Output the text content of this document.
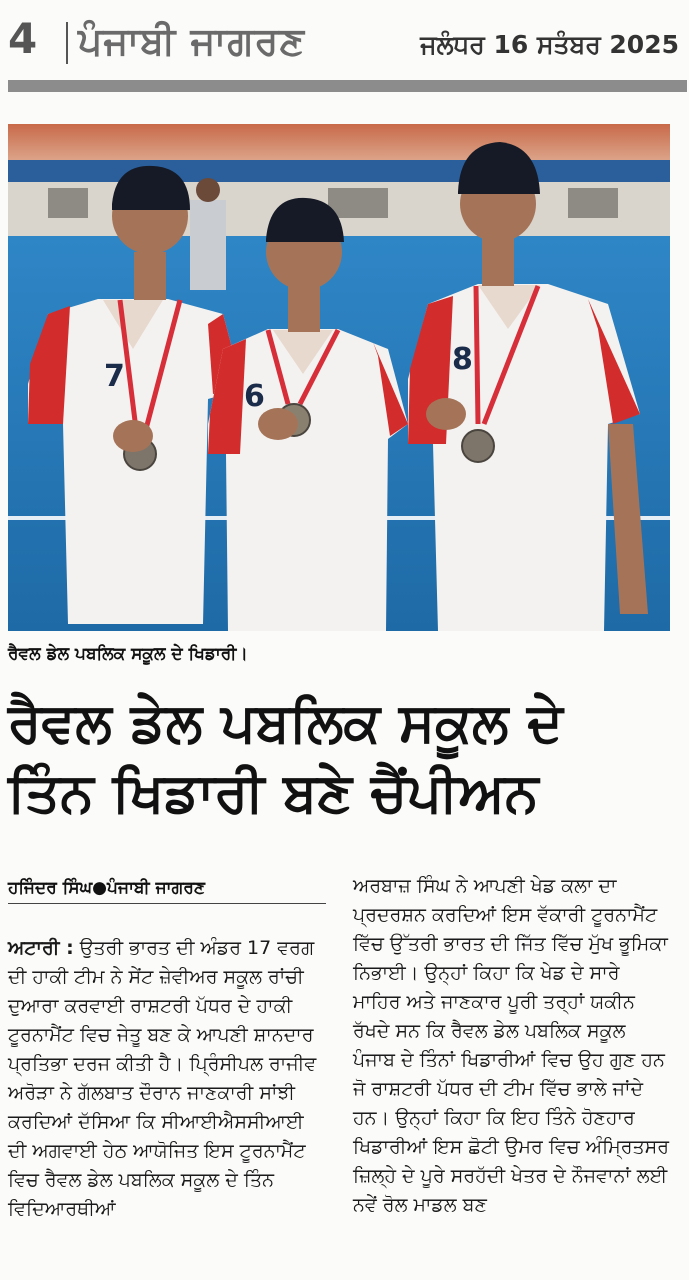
4 ਪੰਜਾਬੀ ਜਾਗਰਣ	ਜਲੰਧਰ 16 ਸਤੰਬਰ 2025
7
6
8
ਰੈਵਲ ਡੇਲ ਪਬਲਿਕ ਸਕੂਲ ਦੇ ਖਿਡਾਰੀ।
ਰੈਵਲ ਡੇਲ ਪਬਲਿਕ ਸਕੂਲ ਦੇ
ਤਿੰਨ ਖਿਡਾਰੀ ਬਣੇ ਚੈਂਪੀਅਨ
ਹਜਿੰਦਰ ਸਿੰਘ●ਪੰਜਾਬੀ ਜਾਗਰਣ

ਅਟਾਰੀ : ਉਤਰੀ ਭਾਰਤ ਦੀ ਅੰਡਰ 17 ਵਰਗ ਦੀ ਹਾਕੀ ਟੀਮ ਨੇ ਸੇਂਟ ਜ਼ੇਵੀਅਰ ਸਕੂਲ ਰਾਂਚੀ ਦੁਆਰਾ ਕਰਵਾਈ ਰਾਸ਼ਟਰੀ ਪੱਧਰ ਦੇ ਹਾਕੀ ਟੂਰਨਾਮੈਂਟ ਵਿਚ ਜੇਤੂ ਬਣ ਕੇ ਆਪਣੀ ਸ਼ਾਨਦਾਰ ਪ੍ਰਤਿਭਾ ਦਰਜ ਕੀਤੀ ਹੈ। ਪ੍ਰਿੰਸੀਪਲ ਰਾਜੀਵ ਅਰੋੜਾ ਨੇ ਗੱਲਬਾਤ ਦੌਰਾਨ ਜਾਣਕਾਰੀ ਸਾਂਝੀ ਕਰਦਿਆਂ ਦੱਸਿਆ ਕਿ ਸੀਆਈਐਸਸੀਆਈ ਦੀ ਅਗਵਾਈ ਹੇਠ ਆਯੋਜਿਤ ਇਸ ਟੂਰਨਾਮੈਂਟ ਵਿਚ ਰੈਵਲ ਡੇਲ ਪਬਲਿਕ ਸਕੂਲ ਦੇ ਤਿੰਨ ਵਿਦਿਆਰਥੀਆਂ

ਅਰਬਾਜ਼ ਸਿੰਘ ਨੇ ਆਪਣੀ ਖੇਡ ਕਲਾ ਦਾ ਪ੍ਰਦਰਸ਼ਨ ਕਰਦਿਆਂ ਇਸ ਵੱਕਾਰੀ ਟੂਰਨਾਮੈਂਟ ਵਿੱਚ ਉੱਤਰੀ ਭਾਰਤ ਦੀ ਜਿੱਤ ਵਿੱਚ ਮੁੱਖ ਭੂਮਿਕਾ ਨਿਭਾਈ। ਉਨ੍ਹਾਂ ਕਿਹਾ ਕਿ ਖੇਡ ਦੇ ਸਾਰੇ ਮਾਹਿਰ ਅਤੇ ਜਾਣਕਾਰ ਪੂਰੀ ਤਰ੍ਹਾਂ ਯਕੀਨ ਰੱਖਦੇ ਸਨ ਕਿ ਰੈਵਲ ਡੇਲ ਪਬਲਿਕ ਸਕੂਲ ਪੰਜਾਬ ਦੇ ਤਿੰਨਾਂ ਖਿਡਾਰੀਆਂ ਵਿਚ ਉਹ ਗੁਣ ਹਨ ਜੋ ਰਾਸ਼ਟਰੀ ਪੱਧਰ ਦੀ ਟੀਮ ਵਿੱਚ ਭਾਲੇ ਜਾਂਦੇ ਹਨ। ਉਨ੍ਹਾਂ ਕਿਹਾ ਕਿ ਇਹ ਤਿੰਨੇ ਹੋਣਹਾਰ ਖਿਡਾਰੀਆਂ ਇਸ ਛੋਟੀ ਉਮਰ ਵਿਚ ਅੰਮ੍ਰਿਤਸਰ ਜ਼ਿਲ੍ਹੇ ਦੇ ਪੂਰੇ ਸਰਹੱਦੀ ਖੇਤਰ ਦੇ ਨੌਜਵਾਨਾਂ ਲਈ ਨਵੇਂ ਰੋਲ ਮਾਡਲ ਬਣ
